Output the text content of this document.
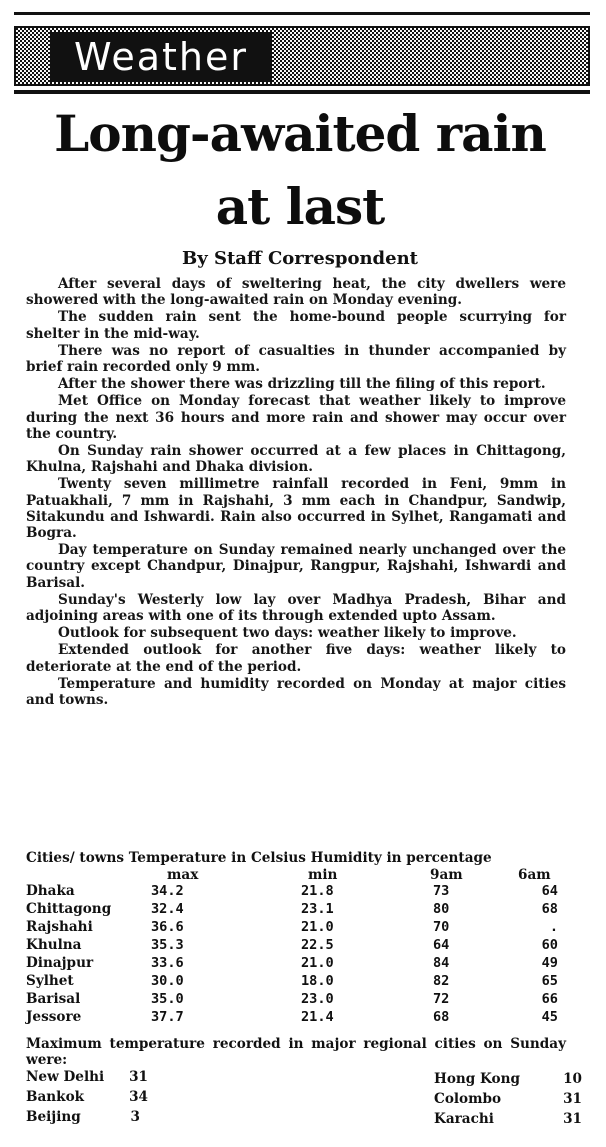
Weather
Long-awaited rain
at last
By Staff Correspondent

After several days of sweltering heat, the city dwellers were showered with the long-awaited rain on Monday evening.

The sudden rain sent the home-bound people scurrying for shelter in the mid-way.

There was no report of casualties in thunder accompanied by brief rain recorded only 9 mm.

After the shower there was drizzling till the filing of this report.

Met Office on Monday forecast that weather likely to improve during the next 36 hours and more rain and shower may occur over the country.

On Sunday rain shower occurred at a few places in Chittagong, Khulna, Rajshahi and Dhaka division.

Twenty seven millimetre rainfall recorded in Feni, 9mm in Patuakhali, 7 mm in Rajshahi, 3 mm each in Chandpur, Sandwip, Sitakundu and Ishwardi. Rain also occurred in Sylhet, Rangamati and Bogra.

Day temperature on Sunday remained nearly unchanged over the country except Chandpur, Dinajpur, Rangpur, Rajshahi, Ishwardi and Barisal.

Sunday's Westerly low lay over Madhya Pradesh, Bihar and adjoining areas with one of its through extended upto Assam.

Outlook for subsequent two days: weather likely to improve.

Extended outlook for another five days: weather likely to deteriorate at the end of the period.

Temperature and humidity recorded on Monday at major cities and towns.

Cities/ towns Temperature in Celsius Humidity in percentage
max	min	9am	6am
Dhaka	34.2	21.8	73	64
Chittagong	32.4	23.1	80	68
Rajshahi	36.6	21.0	70	.
Khulna	35.3	22.5	64	60
Dinajpur	33.6	21.0	84	49
Sylhet	30.0	18.0	82	65
Barisal	35.0	23.0	72	66
Jessore	37.7	21.4	68	45
Maximum temperature recorded in major regional cities on Sunday were:
New Delhi 31
Bankok	34
Beijing	3
Hong Kong	10
Colombo	31
Karachi	31
